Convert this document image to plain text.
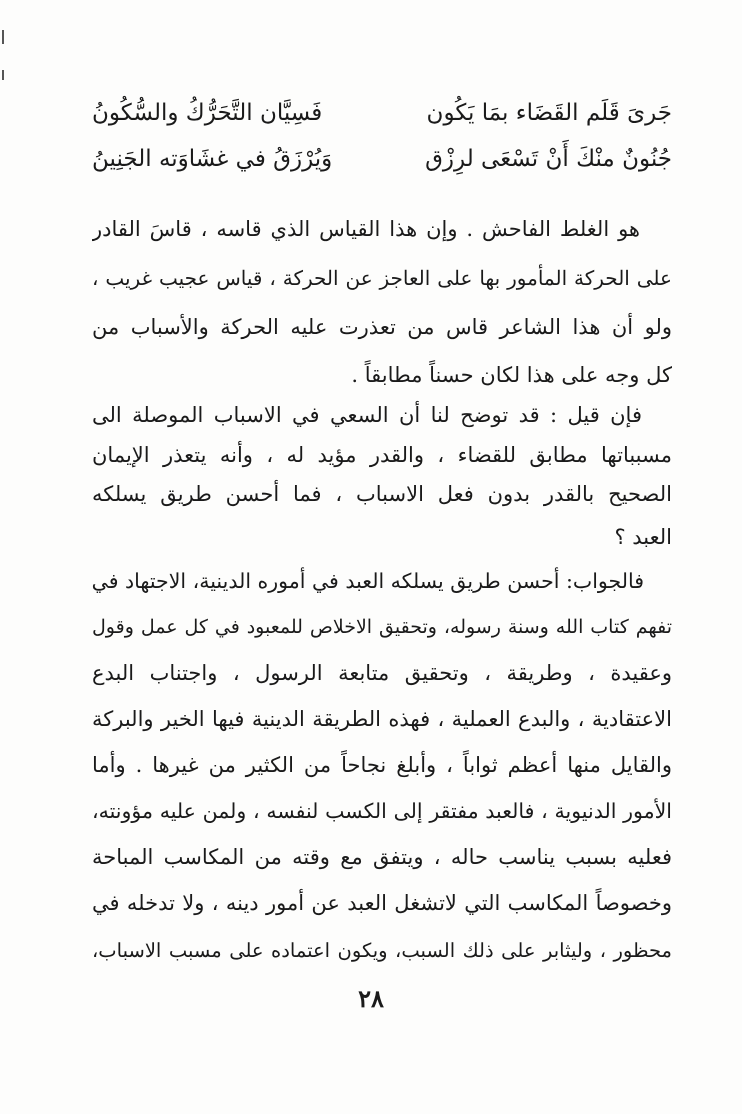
جَرىَ قَلَم القَضَاء بمَا يَكُون
فَسِيَّان التَّحَرُّكُ والسُّكُونُ
جُنُونٌ منْكَ أَنْ تَسْعَى لرِزْق
وَيُرْزَقُ في غشَاوَته الجَنِينُ
هو الغلط الفاحش . وإن هذا القياس الذي قاسه ، قاسَ القادر
على الحركة المأمور بها على العاجز عن الحركة ، قياس عجيب غريب ،
ولو أن هذا الشاعر قاس من تعذرت عليه الحركة والأسباب من
كل وجه على هذا لكان حسناً مطابقاً .
فإن قيل : قد توضح لنا أن السعي في الاسباب الموصلة الى
مسبباتها مطابق للقضاء ، والقدر مؤيد له ، وأنه يتعذر الإيمان
الصحيح بالقدر بدون فعل الاسباب ، فما أحسن طريق يسلكه
العبد ؟
فالجواب: أحسن طريق يسلكه العبد في أموره الدينية، الاجتهاد في
تفهم كتاب الله وسنة رسوله، وتحقيق الاخلاص للمعبود في كل عمل وقول
وعقيدة ، وطريقة ، وتحقيق متابعة الرسول ، واجتناب البدع
الاعتقادية ، والبدع العملية ، فهذه الطريقة الدينية فيها الخير والبركة
والقايل منها أعظم ثواباً ، وأبلغ نجاحاً من الكثير من غيرها . وأما
الأمور الدنيوية ، فالعبد مفتقر إلى الكسب لنفسه ، ولمن عليه مؤونته،
فعليه بسبب يناسب حاله ، ويتفق مع وقته من المكاسب المباحة
وخصوصاً المكاسب التي لاتشغل العبد عن أمور دينه ، ولا تدخله في
محظور ، وليثابر على ذلك السبب، ويكون اعتماده على مسبب الاسباب،
٢٨
